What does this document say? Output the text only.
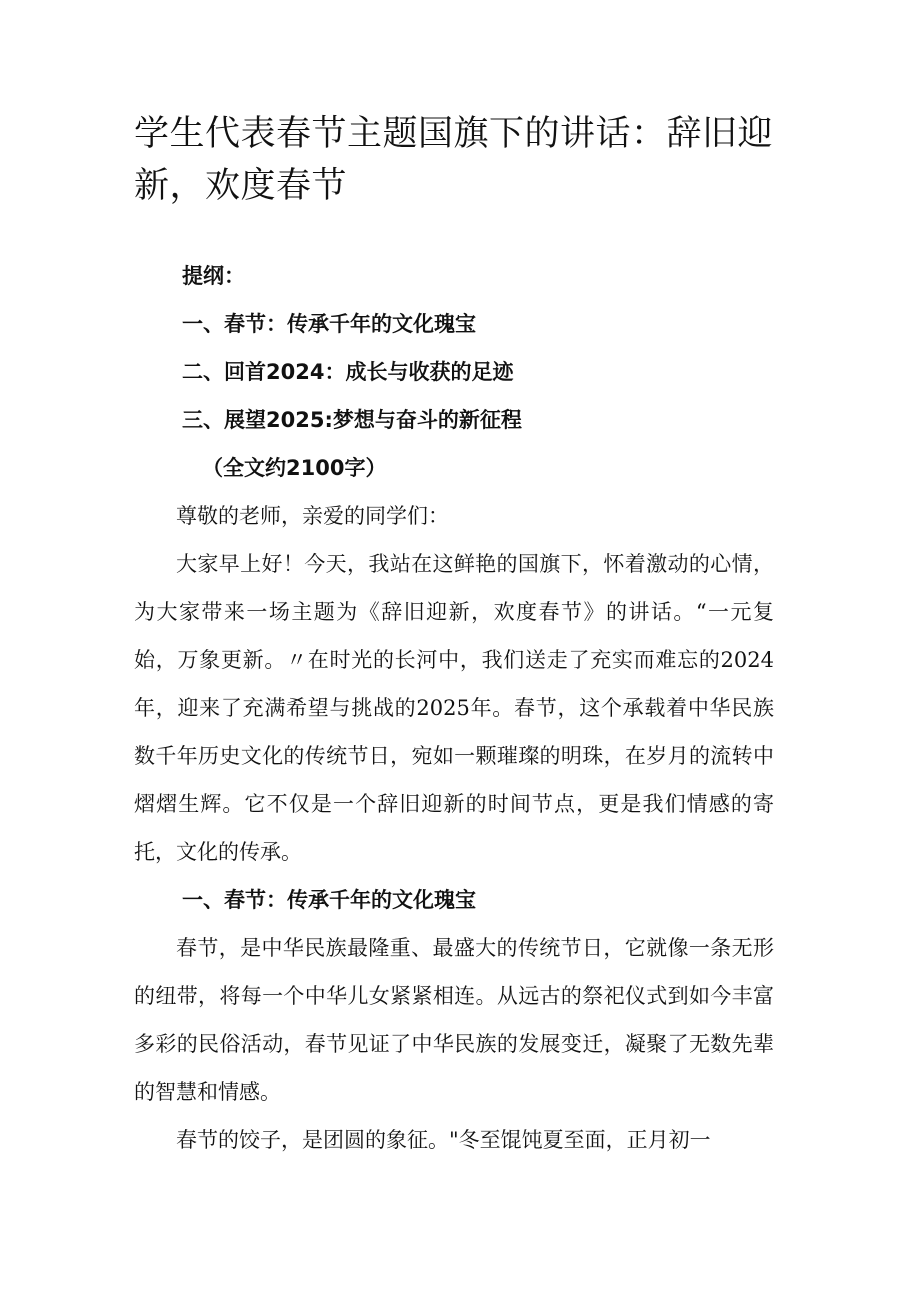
学生代表春节主题国旗下的讲话：辞旧迎新，欢度春节
提纲：
一、春节：传承千年的文化瑰宝
二、回首2024：成长与收获的足迹
三、展望2025:梦想与奋斗的新征程
（全文约2100字）

尊敬的老师，亲爱的同学们：

大家早上好！今天，我站在这鲜艳的国旗下，怀着激动的心情，为大家带来一场主题为《辞旧迎新，欢度春节》的讲话。“一元复始，万象更新。〃在时光的长河中，我们送走了充实而难忘的2024年，迎来了充满希望与挑战的2025年。春节，这个承载着中华民族数千年历史文化的传统节日，宛如一颗璀璨的明珠，在岁月的流转中熠熠生辉。它不仅是一个辞旧迎新的时间节点，更是我们情感的寄托，文化的传承。

一、春节：传承千年的文化瑰宝

春节，是中华民族最隆重、最盛大的传统节日，它就像一条无形的纽带，将每一个中华儿女紧紧相连。从远古的祭祀仪式到如今丰富多彩的民俗活动，春节见证了中华民族的发展变迁，凝聚了无数先辈的智慧和情感。

春节的饺子，是团圆的象征。"冬至馄饨夏至面，正月初一
